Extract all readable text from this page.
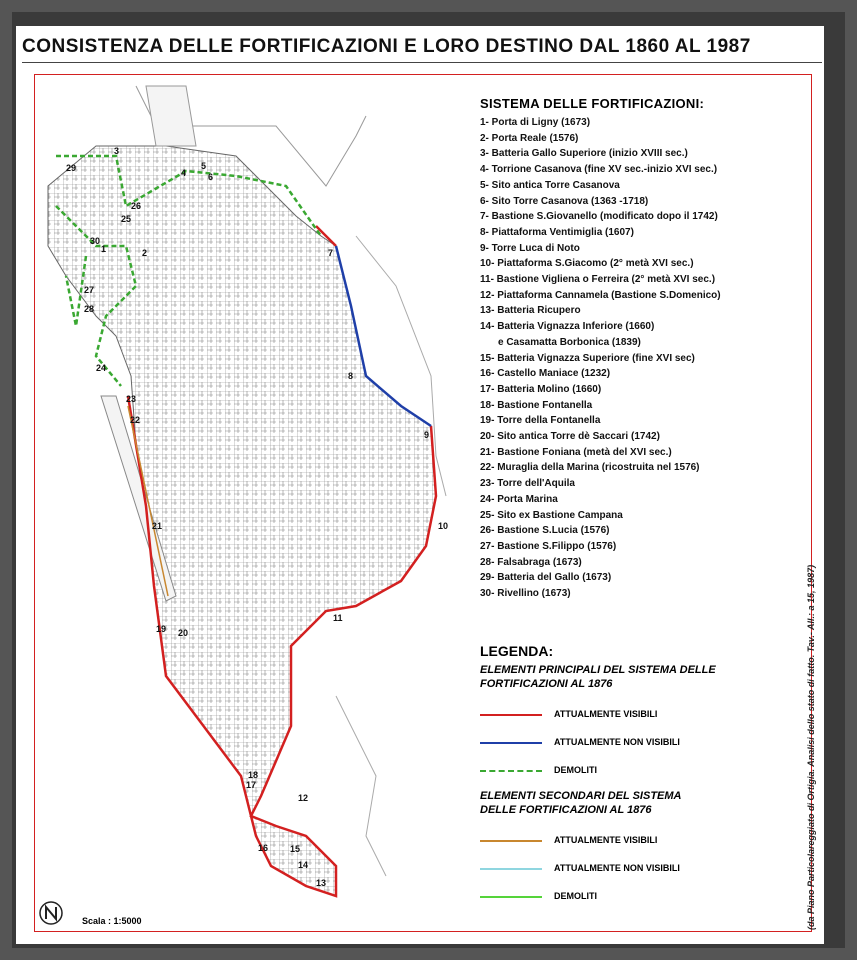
CONSISTENZA DELLE FORTIFICAZIONI E LORO DESTINO DAL 1860 AL 1987
1	2
3
4
5
6
7
8
9
10
11
12
13
14
15
16
17
18
19 20
21
22
23
24
25
26
27
28
29
30
SISTEMA DELLE FORTIFICAZIONI:
1- Porta di Ligny (1673)
2- Porta Reale (1576)
3- Batteria Gallo Superiore (inizio XVIII sec.)
4- Torrione Casanova (fine XV sec.-inizio XVI sec.)
5- Sito antica Torre Casanova
6- Sito Torre Casanova (1363 -1718)
7- Bastione S.Giovanello (modificato dopo il 1742)
8- Piattaforma Ventimiglia (1607)
9- Torre Luca di Noto
10- Piattaforma S.Giacomo (2° metà XVI sec.)
11- Bastione Vigliena o Ferreira (2° metà XVI sec.)
12- Piattaforma Cannamela (Bastione S.Domenico)
13- Batteria Ricupero
14- Batteria Vignazza Inferiore (1660)
e Casamatta Borbonica (1839)
15- Batteria Vignazza Superiore (fine XVI sec)
16- Castello Maniace (1232)
17- Batteria Molino (1660)
18- Bastione Fontanella
19- Torre della Fontanella
20- Sito antica Torre dè Saccari (1742)
21- Bastione Foniana (metà del XVI sec.)
22- Muraglia della Marina (ricostruita nel 1576)
23- Torre dell'Aquila
24- Porta Marina
25- Sito ex Bastione Campana
26- Bastione S.Lucia (1576)
27- Bastione S.Filippo (1576)
28- Falsabraga (1673)
29- Batteria del Gallo (1673)
30- Rivellino (1673)
LEGENDA:
ELEMENTI PRINCIPALI DEL SISTEMA DELLE FORTIFICAZIONI AL 1876
ATTUALMENTE VISIBILI
ATTUALMENTE NON VISIBILI
DEMOLITI
ELEMENTI SECONDARI DEL SISTEMA DELLE FORTIFICAZIONI AL 1876
ATTUALMENTE VISIBILI
ATTUALMENTE NON VISIBILI
DEMOLITI	(da Piano Particolareggiato di Ortigia. Analisi dello stato di fatto. Tav.- All.: a 15, 1987)
Scala : 1:5000
